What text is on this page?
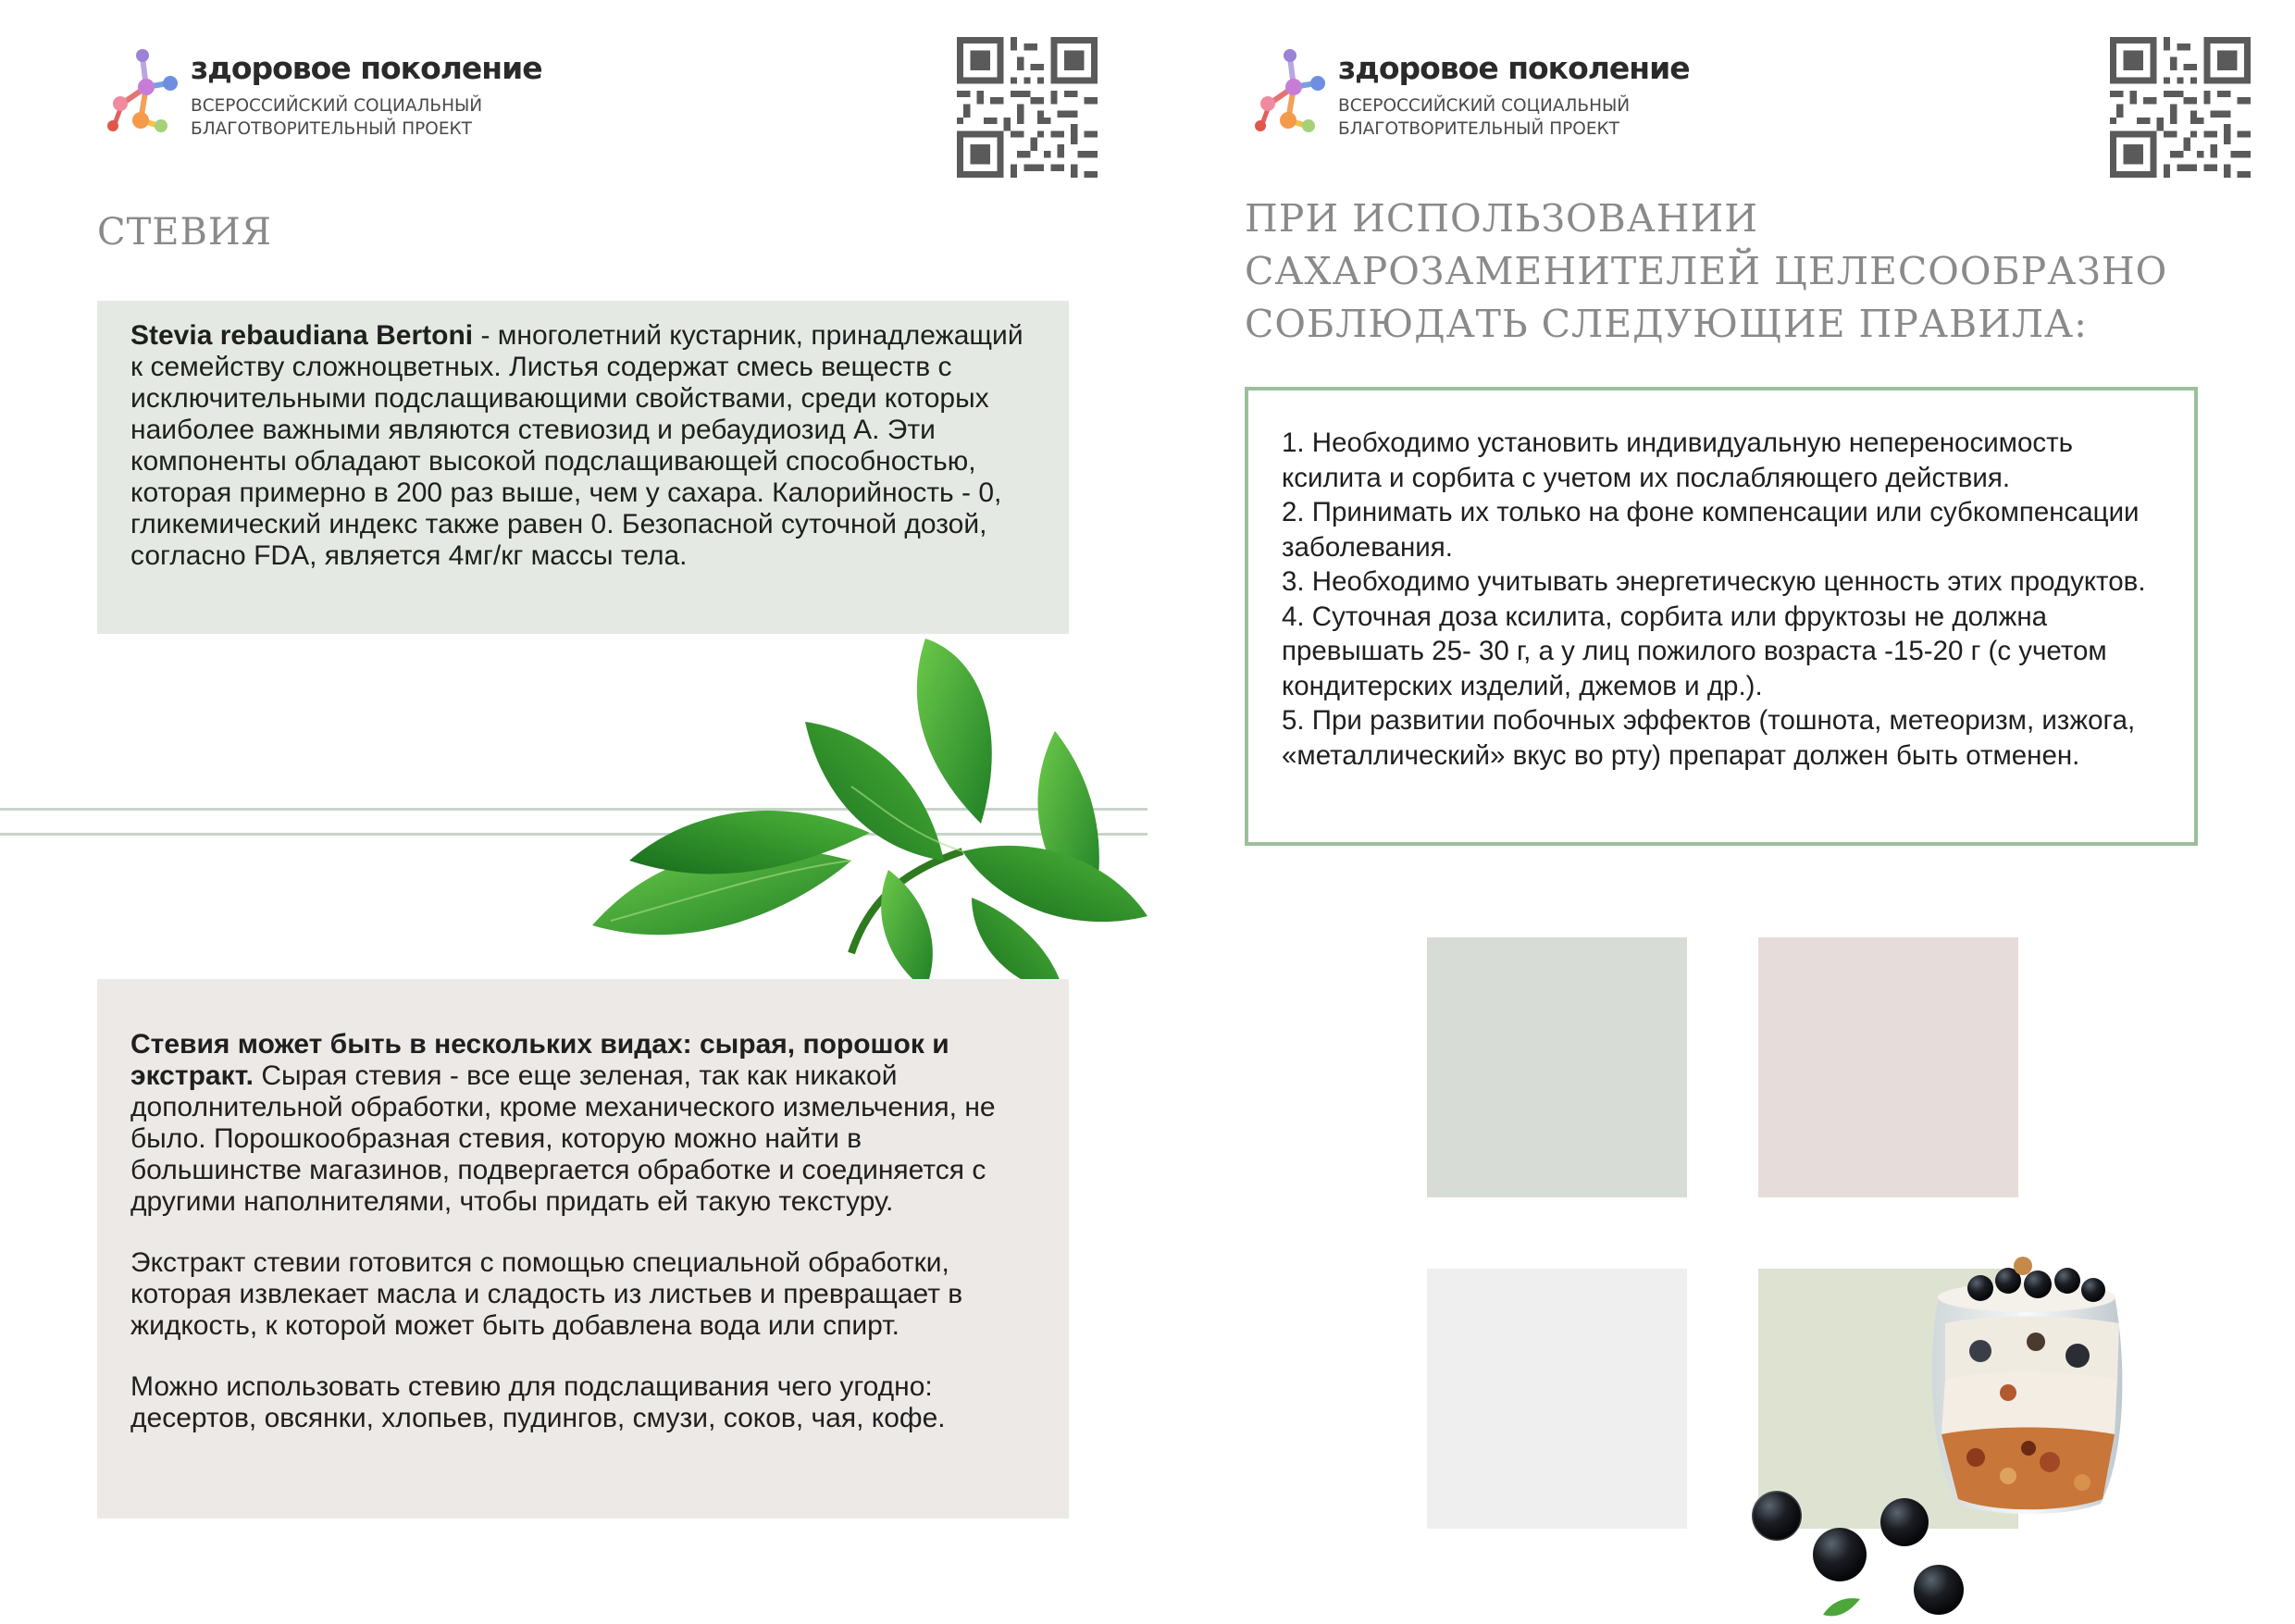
здоровое поколение

ВСЕРОССИЙСКИЙ СОЦИАЛЬНЫЙ
БЛАГОТВОРИТЕЛЬНЫЙ ПРОЕКТ
СТЕВИЯ

Stevia rebaudiana Bertoni - многолетний кустарник, принадлежащий к семейству сложноцветных. Листья содержат смесь веществ с исключительными подслащивающими свойствами, среди которых наиболее важными являются стевиозид и ребаудиозид А. Эти компоненты обладают высокой подслащивающей способностью, которая примерно в 200 раз выше, чем у сахара. Калорийность - 0, гликемический индекс также равен 0. Безопасной суточной дозой, согласно FDA, является 4мг/кг массы тела.

Стевия может быть в нескольких видах: сырая, порошок и экстракт. Сырая стевия - все еще зеленая, так как никакой дополнительной обработки, кроме механического измельчения, не было. Порошкообразная стевия, которую можно найти в большинстве магазинов, подвергается обработке и соединяется с другими наполнителями, чтобы придать ей такую текстуру.

Экстракт стевии готовится с помощью специальной обработки, которая извлекает масла и сладость из листьев и превращает в жидкость, к которой может быть добавлена вода или спирт.

Можно использовать стевию для подслащивания чего угодно: десертов, овсянки, хлопьев, пудингов, смузи, соков, чая, кофе.

здоровое поколение

ВСЕРОССИЙСКИЙ СОЦИАЛЬНЫЙ
БЛАГОТВОРИТЕЛЬНЫЙ ПРОЕКТ
ПРИ ИСПОЛЬЗОВАНИИ САХАРОЗАМЕНИТЕЛЕЙ ЦЕЛЕСООБРАЗНО СОБЛЮДАТЬ СЛЕДУЮЩИЕ ПРАВИЛА:
1. Необходимо установить индивидуальную непереносимость ксилита и сорбита с учетом их послабляющего действия.
2. Принимать их только на фоне компенсации или субкомпенсации заболевания.
3. Необходимо учитывать энергетическую ценность этих продуктов.
4. Суточная доза ксилита, сорбита или фруктозы не должна превышать 25- 30 г, а у лиц пожилого возраста -15-20 г (с учетом кондитерских изделий, джемов и др.).
5. При развитии побочных эффектов (тошнота, метеоризм, изжога, «металлический» вкус во рту) препарат должен быть отменен.
